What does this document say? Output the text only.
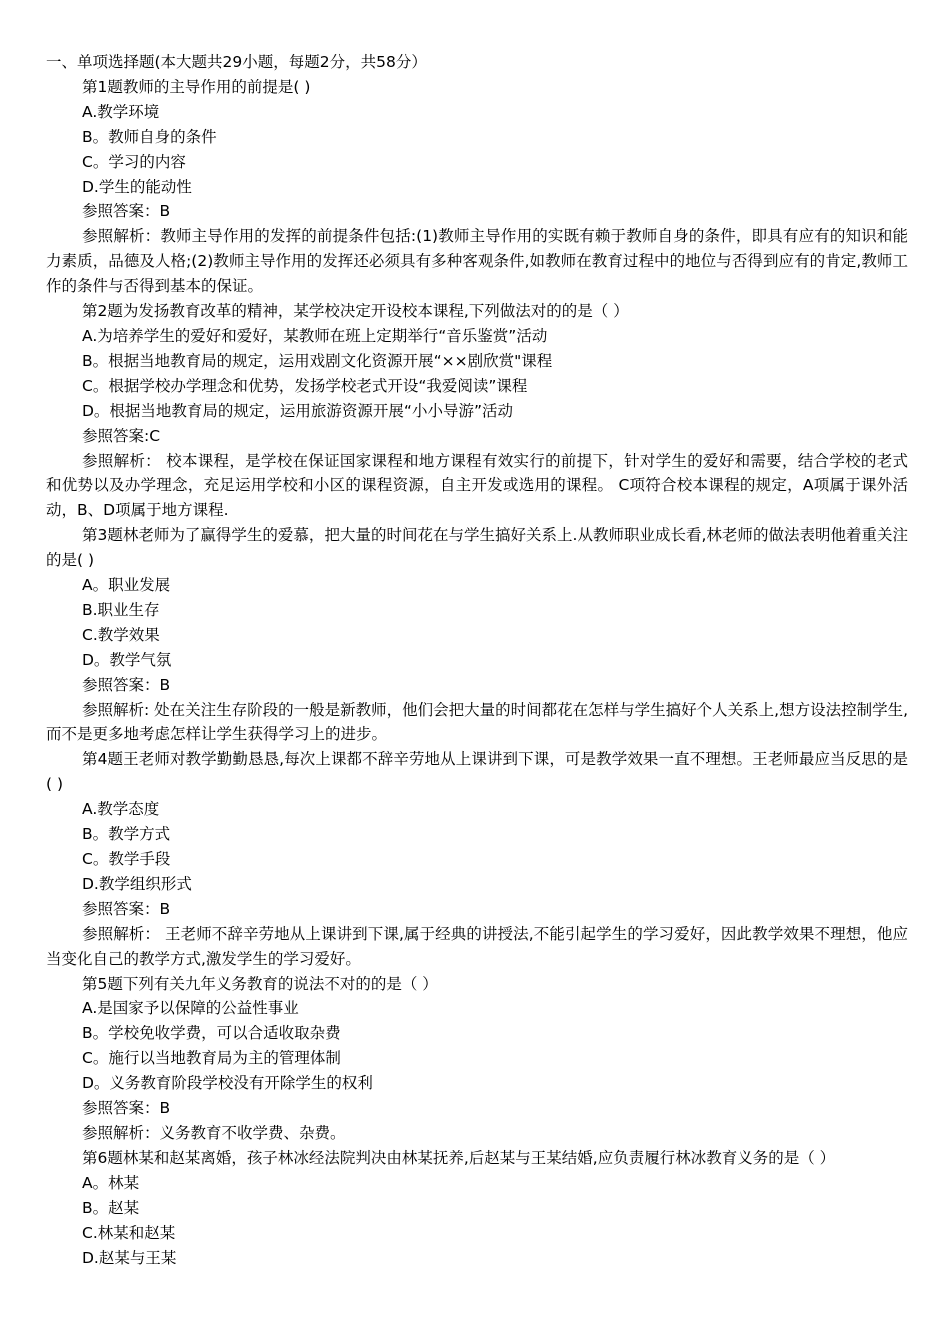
一、单项选择题(本大题共29小题，每题2分，共58分）
第1题教师的主导作用的前提是( )
A.教学环境
B。教师自身的条件
C。学习的内容
D.学生的能动性
参照答案：B
参照解析：教师主导作用的发挥的前提条件包括:(1)教师主导作用的实既有赖于教师自身的条件，即具有应有的知识和能力素质，品德及人格;(2)教师主导作用的发挥还必须具有多种客观条件,如教师在教育过程中的地位与否得到应有的肯定,教师工作的条件与否得到基本的保证。
第2题为发扬教育改革的精神，某学校决定开设校本课程,下列做法对的的是（ ）
A.为培养学生的爱好和爱好，某教师在班上定期举行“音乐鉴赏”活动
B。根据当地教育局的规定，运用戏剧文化资源开展“××剧欣赏"课程
C。根据学校办学理念和优势，发扬学校老式开设“我爱阅读”课程
D。根据当地教育局的规定，运用旅游资源开展“小小导游”活动
参照答案:C
参照解析： 校本课程，是学校在保证国家课程和地方课程有效实行的前提下，针对学生的爱好和需要，结合学校的老式和优势以及办学理念，充足运用学校和小区的课程资源，自主开发或选用的课程。 C项符合校本课程的规定，A项属于课外活动，B、D项属于地方课程.
第3题林老师为了赢得学生的爱慕，把大量的时间花在与学生搞好关系上.从教师职业成长看,林老师的做法表明他着重关注的是( )
A。职业发展
B.职业生存
C.教学效果
D。教学气氛
参照答案：B
参照解析: 处在关注生存阶段的一般是新教师，他们会把大量的时间都花在怎样与学生搞好个人关系上,想方设法控制学生,而不是更多地考虑怎样让学生获得学习上的进步。
第4题王老师对教学勤勤恳恳,每次上课都不辞辛劳地从上课讲到下课，可是教学效果一直不理想。王老师最应当反思的是( )
A.教学态度
B。教学方式
C。教学手段
D.教学组织形式
参照答案：B
参照解析： 王老师不辞辛劳地从上课讲到下课,属于经典的讲授法,不能引起学生的学习爱好，因此教学效果不理想，他应当变化自己的教学方式,激发学生的学习爱好。
第5题下列有关九年义务教育的说法不对的的是（ ）
A.是国家予以保障的公益性事业
B。学校免收学费，可以合适收取杂费
C。施行以当地教育局为主的管理体制
D。义务教育阶段学校没有开除学生的权利
参照答案：B
参照解析：义务教育不收学费、杂费。
第6题林某和赵某离婚，孩子林冰经法院判决由林某抚养,后赵某与王某结婚,应负责履行林冰教育义务的是（ ）
A。林某
B。赵某
C.林某和赵某
D.赵某与王某
